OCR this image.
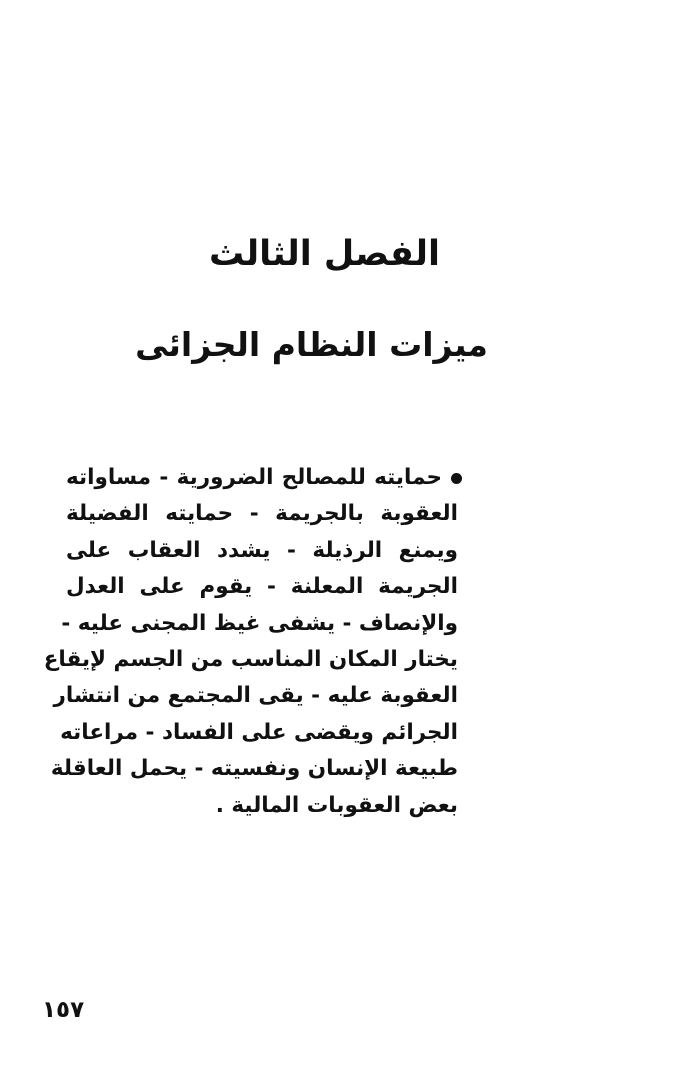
الفصل الثالث
ميزات النظام الجزائى
حمايته للمصالح الضرورية - مساواته
العقوبة بالجريمة - حمايته الفضيلة
ويمنع الرذيلة - يشدد العقاب على
الجريمة المعلنة - يقوم على العدل
والإنصاف - يشفى غيظ المجنى عليه -
يختار المكان المناسب من الجسم لإيقاع
العقوبة عليه - يقى المجتمع من انتشار
الجرائم ويقضى على الفساد - مراعاته
طبيعة الإنسان ونفسيته - يحمل العاقلة
بعض العقوبات المالية .
١٥٧
